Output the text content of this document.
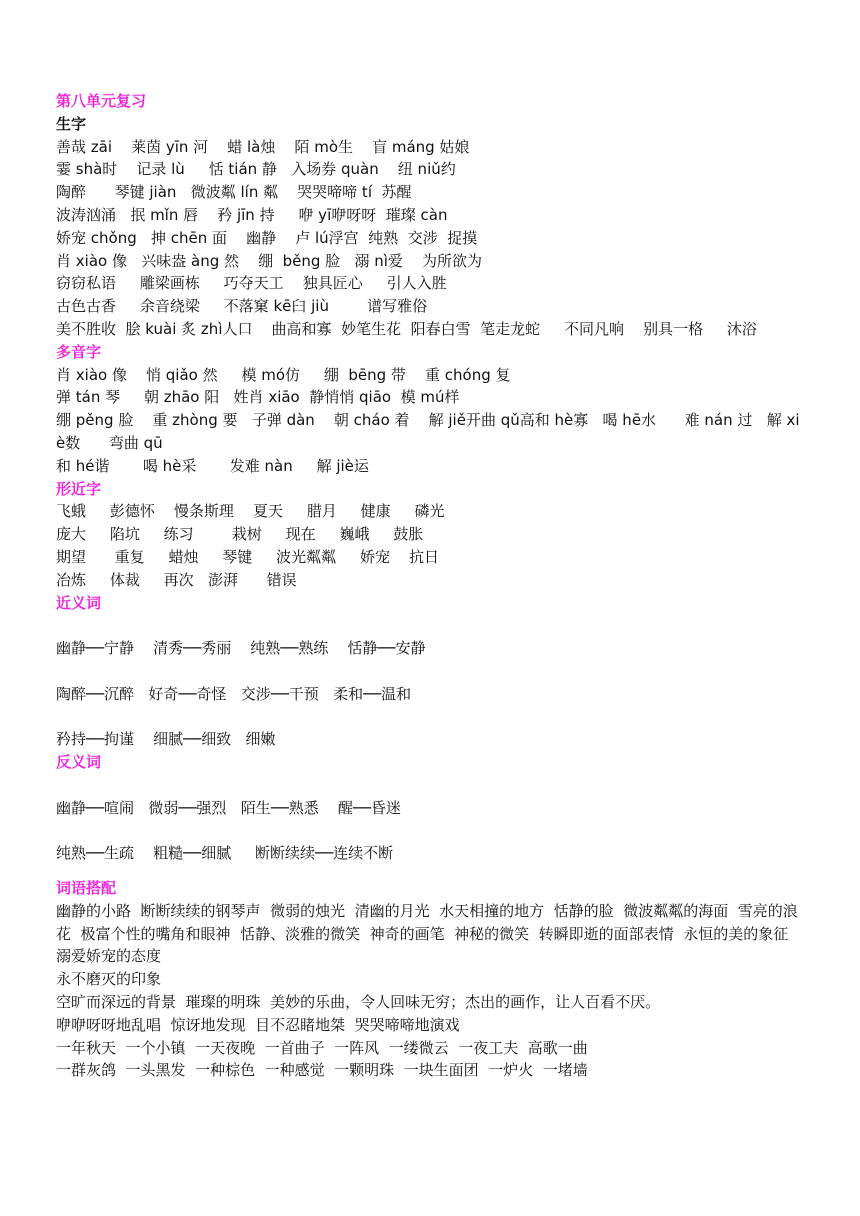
第八单元复习
生字
善哉 zāi    莱茵 yīn 河    蜡 là烛    陌 mò生    盲 máng 姑娘
霎 shà时    记录 lù     恬 tián 静   入场券 quàn    纽 niǔ约
陶醉      琴键 jiàn   微波粼 lín 粼    哭哭啼啼 tí  苏醒
波涛汹涌   抿 mǐn 唇    矜 jīn 持     咿 yī咿呀呀  璀璨 càn
娇宠 chǒng   抻 chēn 面    幽静    卢 lú浮宫  纯熟  交涉  捉摸
肖 xiào 像   兴味盎 àng 然    绷  běng 脸   溺 nì爱    为所欲为
窃窃私语     雕梁画栋     巧夺天工    独具匠心     引人入胜
古色古香     余音绕梁     不落窠 kē臼 jiù        谱写雅俗
美不胜收  脍 kuài 炙 zhì人口    曲高和寡  妙笔生花  阳春白雪  笔走龙蛇     不同凡响    别具一格     沐浴
多音字
肖 xiào 像    悄 qiǎo 然     模 mó仿     绷  bēng 带    重 chóng 复
弹 tán 琴     朝 zhāo 阳   姓肖 xiāo  静悄悄 qiāo  模 mú样
绷 pěng 脸    重 zhòng 要   子弹 dàn    朝 cháo 着    解 jiě开曲 qǔ高和 hè寡   喝 hē水      难 nán 过   解 xiè数      弯曲 qū
和 hé谐       喝 hè采       发难 nàn     解 jiè运
形近字
飞蛾     彭德怀    慢条斯理    夏天     腊月     健康     磷光
庞大     陷坑     练习        栽树     现在     巍峨     鼓胀
期望      重复     蜡烛     琴键     波光粼粼     娇宠    抗日
冶炼     体裁     再次   澎湃      错误
近义词
幽静──宁静    清秀──秀丽    纯熟──熟练    恬静──安静
陶醉──沉醉   好奇──奇怪   交涉──干预   柔和──温和
矜持──拘谨    细腻──细致   细嫩
反义词
幽静──喧闹   微弱──强烈   陌生──熟悉    醒──昏迷
纯熟──生疏    粗糙──细腻     断断续续──连续不断
词语搭配
幽静的小路  断断续续的钢琴声  微弱的烛光  清幽的月光  水天相撞的地方  恬静的脸  微波粼粼的海面  雪亮的浪花  极富个性的嘴角和眼神  恬静、淡雅的微笑  神奇的画笔  神秘的微笑  转瞬即逝的面部表情  永恒的美的象征  溺爱娇宠的态度
永不磨灭的印象
空旷而深远的背景  璀璨的明珠  美妙的乐曲，令人回味无穷；杰出的画作，让人百看不厌。
咿咿呀呀地乱唱  惊讶地发现  目不忍睹地桀  哭哭啼啼地演戏
一年秋天  一个小镇  一天夜晚  一首曲子  一阵风  一缕微云  一夜工夫  高歌一曲
一群灰鸽  一头黑发  一种棕色  一种感觉  一颗明珠  一块生面团  一炉火  一堵墙
